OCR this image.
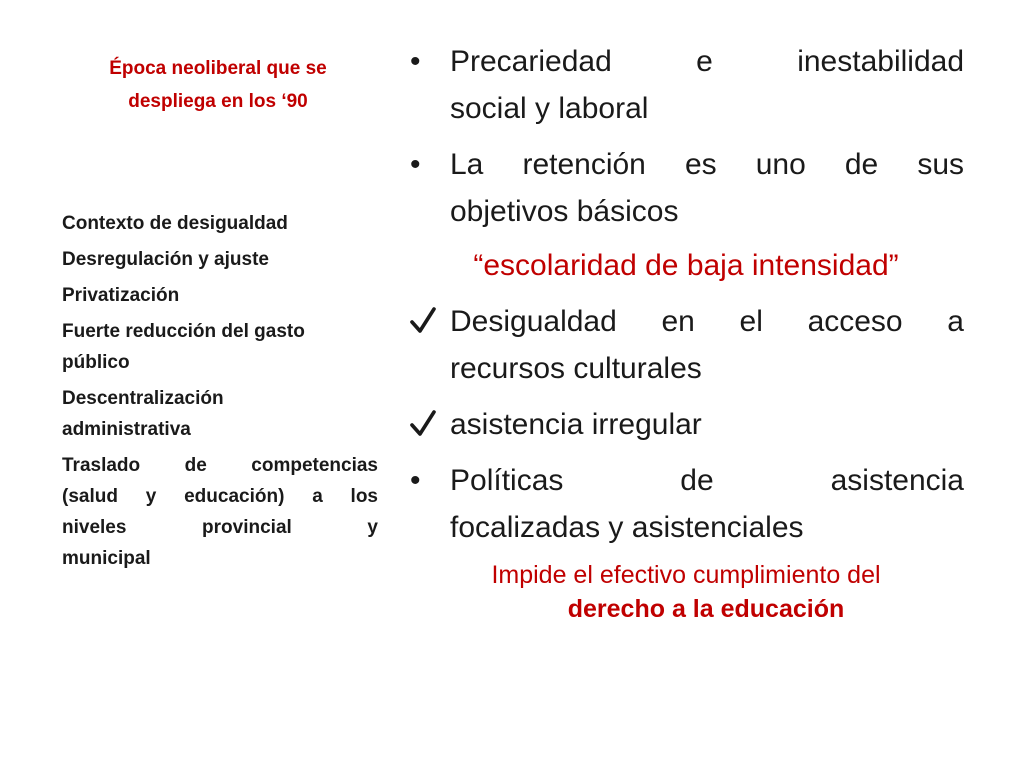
Época neoliberal que se
despliega en los ‘90
Contexto de desigualdad
Desregulación y ajuste
Privatización
Fuerte reducción del gasto
público
Descentralización
administrativa
Traslado de competencias
(salud y educación) a los
niveles provincial y
municipal
• Precariedad e inestabilidad
social y laboral
• La retención es uno de sus
objetivos básicos
“escolaridad de baja intensidad”
Desigualdad en el acceso a
recursos culturales
asistencia irregular
• Políticas de asistencia
focalizadas y asistenciales
Impide el efectivo cumplimiento del
derecho a la educación
